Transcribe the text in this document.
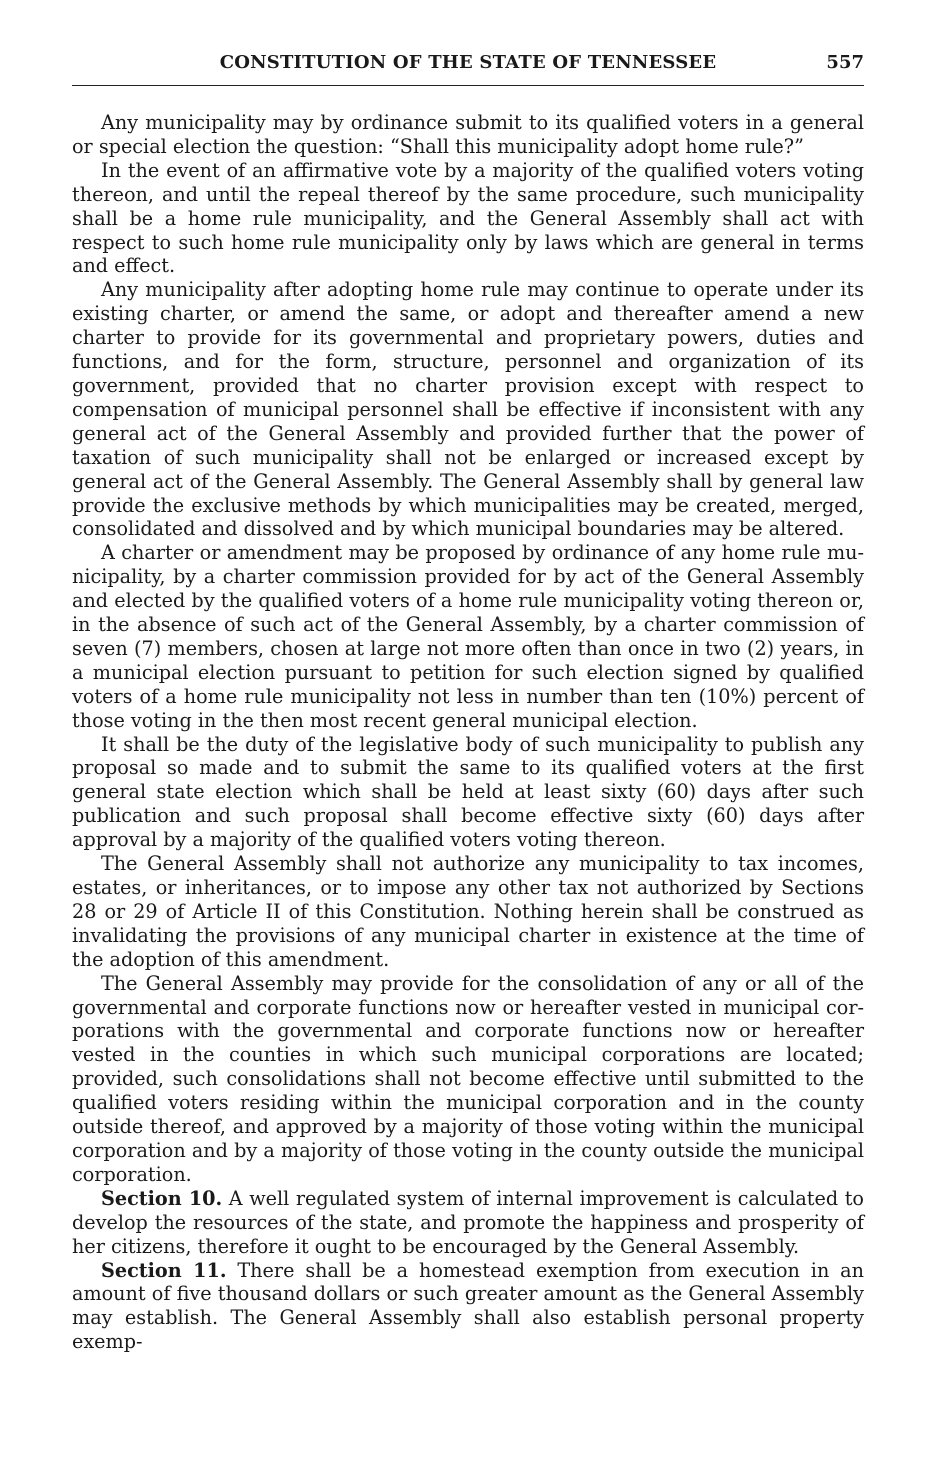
CONSTITUTION OF THE STATE OF TENNESSEE	557

Any municipality may by ordinance submit to its qualified voters in a general or special election the question: “Shall this municipality adopt home rule?”

In the event of an affirmative vote by a majority of the qualified voters voting thereon, and until the repeal thereof by the same procedure, such municipality shall be a home rule municipality, and the General Assembly shall act with respect to such home rule municipality only by laws which are general in terms and effect.

Any municipality after adopting home rule may continue to operate under its existing charter, or amend the same, or adopt and thereafter amend a new charter to provide for its governmental and proprietary powers, duties and functions, and for the form, structure, personnel and organization of its government, provided that no charter provision except with respect to compensation of municipal personnel shall be effective if inconsistent with any general act of the General Assembly and provided further that the power of taxation of such municipality shall not be enlarged or increased except by general act of the General Assembly. The General Assembly shall by general law provide the exclusive methods by which municipalities may be created, merged, consolidated and dissolved and by which municipal boundaries may be altered.

A charter or amendment may be proposed by ordinance of any home rule municipality, by a charter commission provided for by act of the General Assembly and elected by the qualified voters of a home rule municipality voting thereon or, in the absence of such act of the General Assembly, by a charter commission of seven (7) members, chosen at large not more often than once in two (2) years, in a municipal election pursuant to petition for such election signed by qualified voters of a home rule municipality not less in number than ten (10%) percent of those voting in the then most recent general municipal election.

It shall be the duty of the legislative body of such municipality to publish any proposal so made and to submit the same to its qualified voters at the first general state election which shall be held at least sixty (60) days after such publication and such proposal shall become effective sixty (60) days after approval by a majority of the qualified voters voting thereon.

The General Assembly shall not authorize any municipality to tax incomes, estates, or inheritances, or to impose any other tax not authorized by Sections 28 or 29 of Article II of this Constitution. Nothing herein shall be construed as invalidating the provisions of any municipal charter in existence at the time of the adoption of this amendment.

The General Assembly may provide for the consolidation of any or all of the governmental and corporate functions now or hereafter vested in municipal corporations with the governmental and corporate functions now or hereafter vested in the counties in which such municipal corporations are located; provided, such consolidations shall not become effective until submitted to the qualified voters residing within the municipal corporation and in the county outside thereof, and approved by a majority of those voting within the municipal corporation and by a majority of those voting in the county outside the municipal corporation.

Section 10. A well regulated system of internal improvement is calculated to develop the resources of the state, and promote the happiness and prosperity of her citizens, therefore it ought to be encouraged by the General Assembly.

Section 11. There shall be a homestead exemption from execution in an amount of five thousand dollars or such greater amount as the General Assembly may establish. The General Assembly shall also establish personal property exemp-
